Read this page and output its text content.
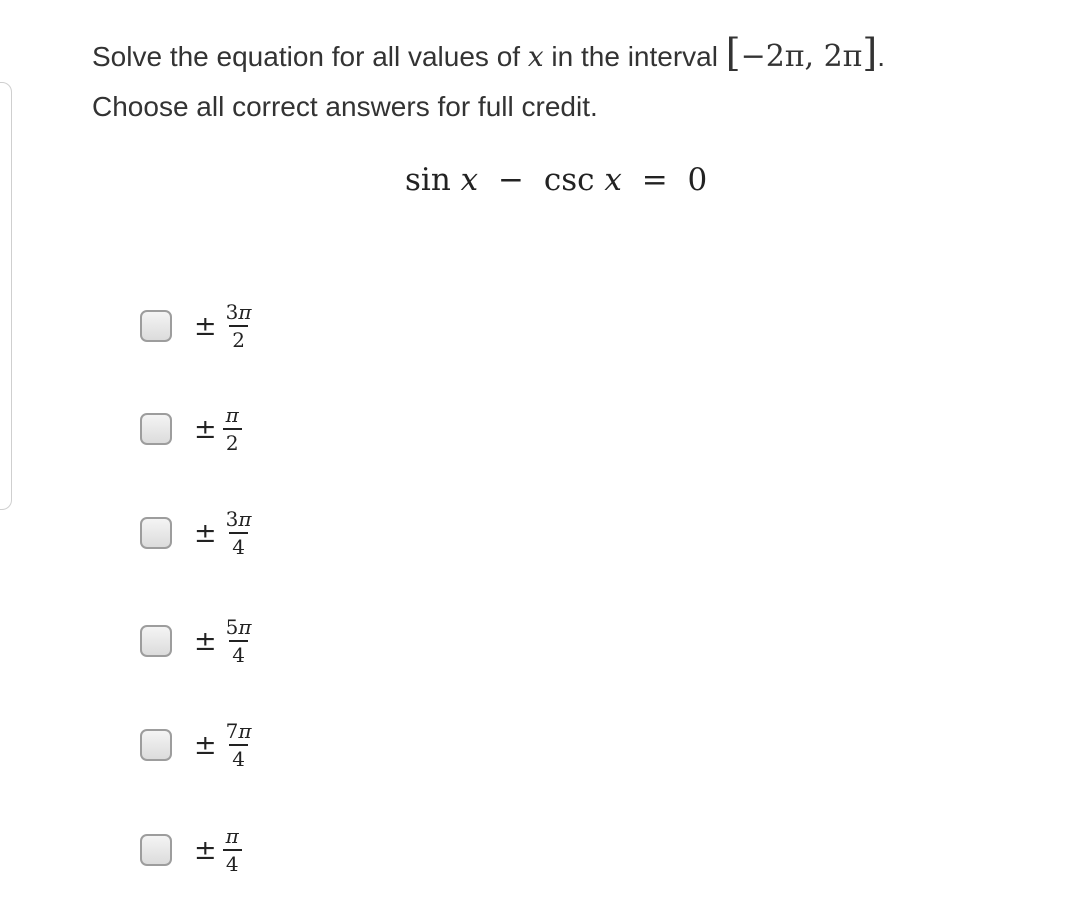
Solve the equation for all values of x in the interval [−2π, 2π].
Choose all correct answers for full credit.
sin x − csc x = 0
± $\frac{3\pi}{2}$
± $\frac{\pi}{2}$
± $\frac{3\pi}{4}$
± $\frac{5\pi}{4}$
± $\frac{7\pi}{4}$
± $\frac{\pi}{4}$
